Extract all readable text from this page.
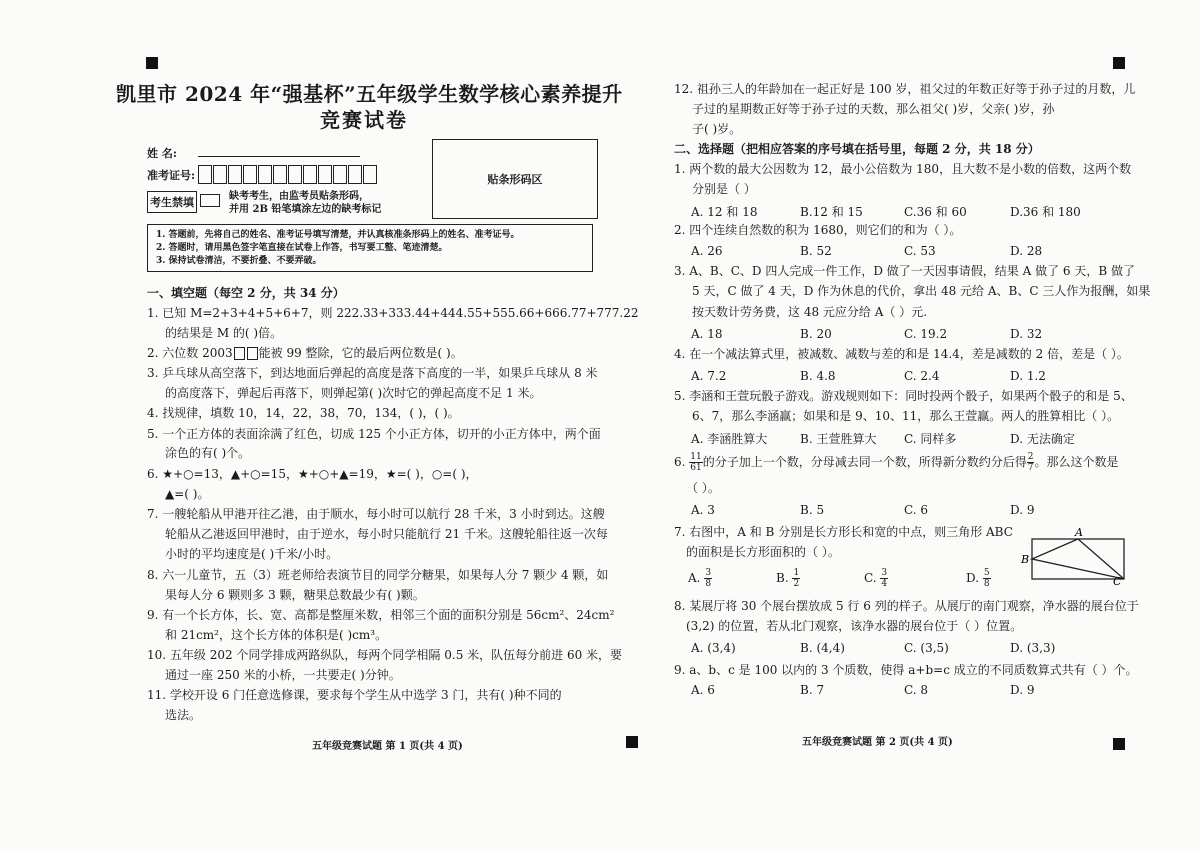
凯里市 2024 年“强基杯”五年级学生数学核心素养提升
竞赛试卷
姓 名:
准考证号:
考生禁填	缺考考生，由监考员贴条形码，
并用 2B 铅笔填涂左边的缺考标记
贴条形码区
1. 答题前，先将自己的姓名、准考证号填写清楚，并认真核准条形码上的姓名、准考证号。
2. 答题时，请用黑色签字笔直接在试卷上作答，书写要工整、笔迹清楚。
3. 保持试卷清洁，不要折叠、不要弄破。
一、填空题（每空 2 分，共 34 分）
1. 已知 M=2+3+4+5+6+7，则 222.33+333.44+444.55+555.66+666.77+777.22
的结果是 M 的( )倍。
2. 六位数 2003 能被 99 整除，它的最后两位数是( )。
3. 乒乓球从高空落下，到达地面后弹起的高度是落下高度的一半，如果乒乓球从 8 米
的高度落下，弹起后再落下，则弹起第( )次时它的弹起高度不足 1 米。
4. 找规律，填数 10，14，22，38，70，134，( )，( )。
5. 一个正方体的表面涂满了红色，切成 125 个小正方体，切开的小正方体中，两个面
涂色的有( )个。
6. ★+○=13，▲+○=15，★+○+▲=19，★=( )，○=( )，
▲=( )。
7. 一艘轮船从甲港开往乙港，由于顺水，每小时可以航行 28 千米，3 小时到达。这艘
轮船从乙港返回甲港时，由于逆水，每小时只能航行 21 千米。这艘轮船往返一次每
小时的平均速度是( )千米/小时。
8. 六一儿童节，五（3）班老师给表演节目的同学分糖果，如果每人分 7 颗少 4 颗，如
果每人分 6 颗则多 3 颗，糖果总数最少有( )颗。
9. 有一个长方体，长、宽、高都是整厘米数，相邻三个面的面积分别是 56cm²、24cm²
和 21cm²，这个长方体的体积是( )cm³。
10. 五年级 202 个同学排成两路纵队，每两个同学相隔 0.5 米，队伍每分前进 60 米，要
通过一座 250 米的小桥，一共要走( )分钟。
11. 学校开设 6 门任意选修课，要求每个学生从中选学 3 门，共有( )种不同的
选法。
五年级竞赛试题 第 1 页(共 4 页)
12. 祖孙三人的年龄加在一起正好是 100 岁，祖父过的年数正好等于孙子过的月数，儿
子过的星期数正好等于孙子过的天数，那么祖父( )岁，父亲( )岁，孙
子( )岁。
二、选择题（把相应答案的序号填在括号里，每题 2 分，共 18 分）
1. 两个数的最大公因数为 12，最小公倍数为 180，且大数不是小数的倍数，这两个数
分别是（ ）
A. 12 和 18	B.12 和 15	C.36 和 60	D.36 和 180
2. 四个连续自然数的积为 1680，则它们的和为（ ）。
A. 26	B. 52	C. 53	D. 28
3. A、B、C、D 四人完成一件工作，D 做了一天因事请假，结果 A 做了 6 天，B 做了
5 天，C 做了 4 天，D 作为休息的代价，拿出 48 元给 A、B、C 三人作为报酬，如果
按天数计劳务费，这 48 元应分给 A（ ）元.
A. 18	B. 20	C. 19.2	D. 32
4. 在一个减法算式里，被减数、减数与差的和是 14.4，差是减数的 2 倍，差是（ ）。
A. 7.2	B. 4.8	C. 2.4	D. 1.2
5. 李涵和王萱玩骰子游戏。游戏规则如下：同时投两个骰子，如果两个骰子的和是 5、
6、7，那么李涵赢；如果和是 9、10、11，那么王萱赢。两人的胜算相比（ ）。
A. 李涵胜算大	B. 王萱胜算大 C. 同样多	D. 无法确定
6. $\frac{11}{61}$ 的分子加上一个数，分母减去同一个数，所得新分数约分后得 $\frac{2}{7}$ 。那么这个数是
（ ）。
A. 3	B. 5	C. 6	D. 9
7. 右图中，A 和 B 分别是长方形长和宽的中点，则三角形 ABC
的面积是长方形面积的（ ）。
A. $\frac{3}{8}$	B. $\frac{1}{2}$	C. $\frac{3}{4}$	D. $\frac{5}{8}$
A
B
C
8. 某展厅将 30 个展台摆放成 5 行 6 列的样子。从展厅的南门观察，净水器的展台位于
(3,2) 的位置，若从北门观察，该净水器的展台位于（ ）位置。
A. (3,4)	B. (4,4)	C. (3,5)	D. (3,3)
9. a、b、c 是 100 以内的 3 个质数，使得 a+b=c 成立的不同质数算式共有（ ）个。
A. 6	B. 7	C. 8	D. 9
五年级竞赛试题 第 2 页(共 4 页)
